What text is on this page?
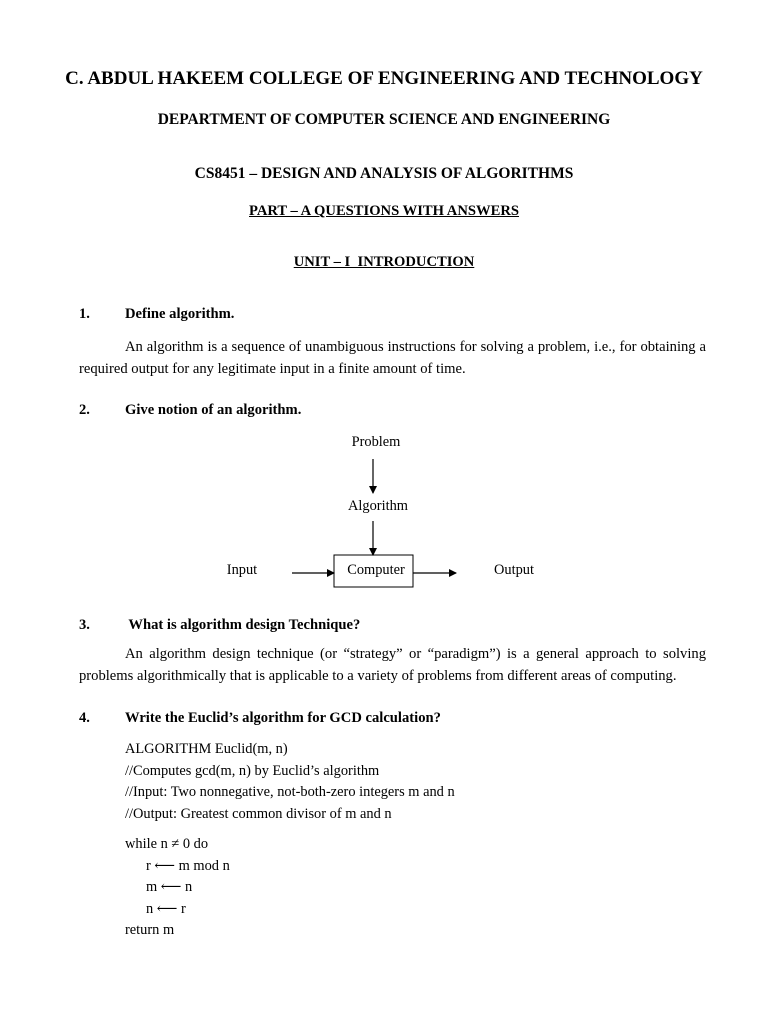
C. ABDUL HAKEEM COLLEGE OF ENGINEERING AND TECHNOLOGY
DEPARTMENT OF COMPUTER SCIENCE AND ENGINEERING
CS8451 – DESIGN AND ANALYSIS OF ALGORITHMS
PART – A QUESTIONS WITH ANSWERS
UNIT – I  INTRODUCTION
1. Define algorithm.
An algorithm is a sequence of unambiguous instructions for solving a problem, i.e., for obtaining a required output for any legitimate input in a finite amount of time.
2. Give notion of an algorithm.
Problem
Algorithm
Computer
Input	Output
3. What is algorithm design Technique?
An algorithm design technique (or “strategy” or “paradigm”) is a general approach to solving problems algorithmically that is applicable to a variety of problems from different areas of computing.
4. Write the Euclid’s algorithm for GCD calculation?
ALGORITHM Euclid(m, n)
//Computes gcd(m, n) by Euclid’s algorithm
//Input: Two nonnegative, not-both-zero integers m and n
//Output: Greatest common divisor of m and n
while n ≠ 0 do
r ⟵ m mod n
m ⟵ n
n ⟵ r
return m
